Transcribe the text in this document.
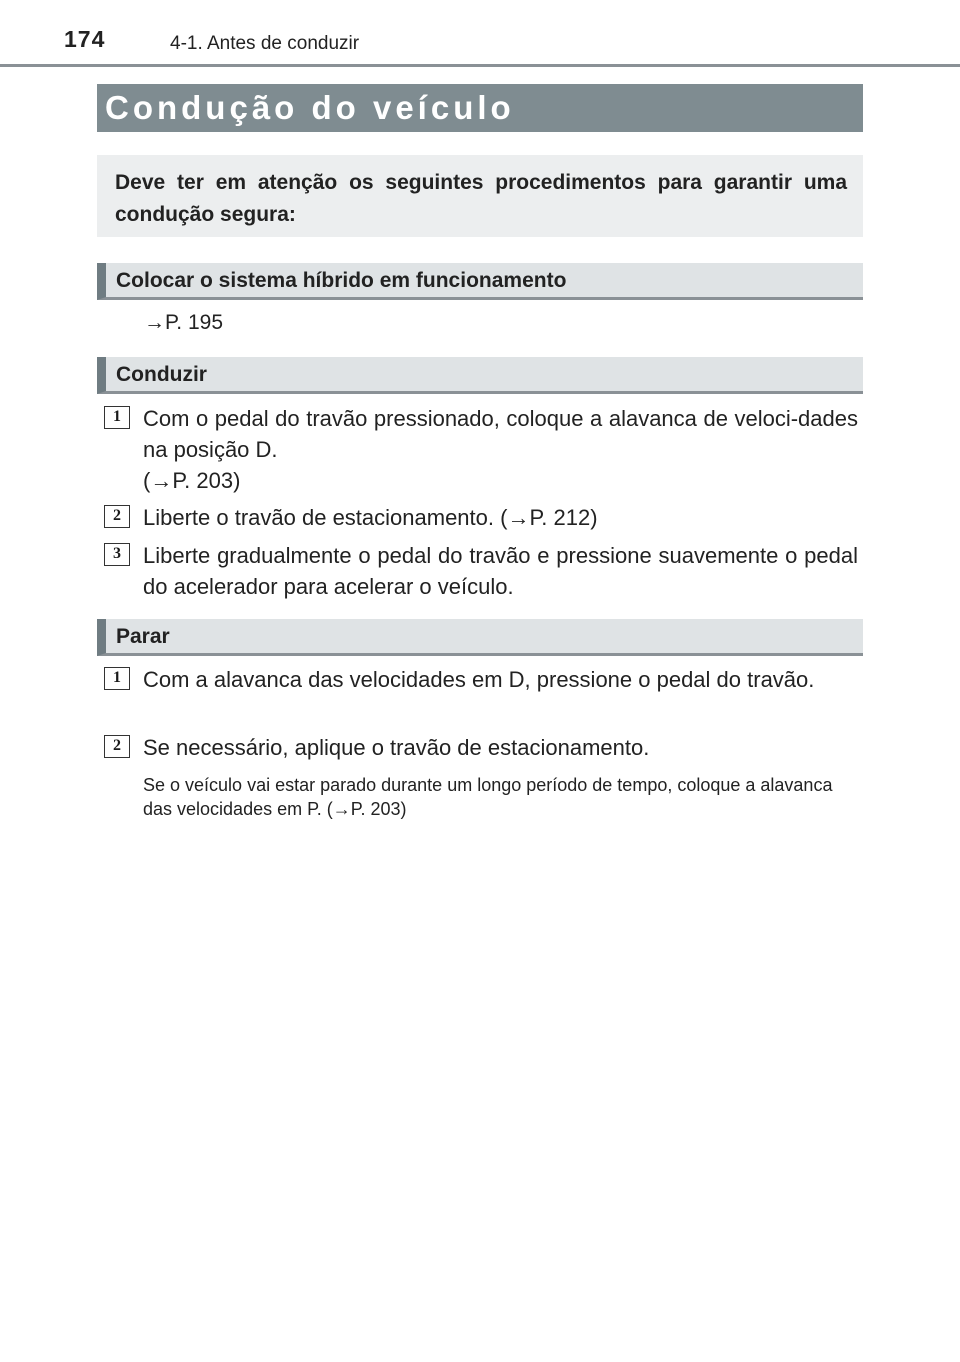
174	4-1. Antes de conduzir
Condução do veículo
Deve ter em atenção os seguintes procedimentos para garantir uma condução segura:
Colocar o sistema híbrido em funcionamento
→P. 195
Conduzir
1	Com o pedal do travão pressionado, coloque a alavanca de veloci-dades na posição D.
(→P. 203)
2	Liberte o travão de estacionamento. (→P. 212)
3	Liberte gradualmente o pedal do travão e pressione suavemente o pedal do acelerador para acelerar o veículo.
Parar
1	Com a alavanca das velocidades em D, pressione o pedal do travão.
2	Se necessário, aplique o travão de estacionamento.
Se o veículo vai estar parado durante um longo período de tempo, coloque a alavanca das velocidades em P. (→P. 203)
